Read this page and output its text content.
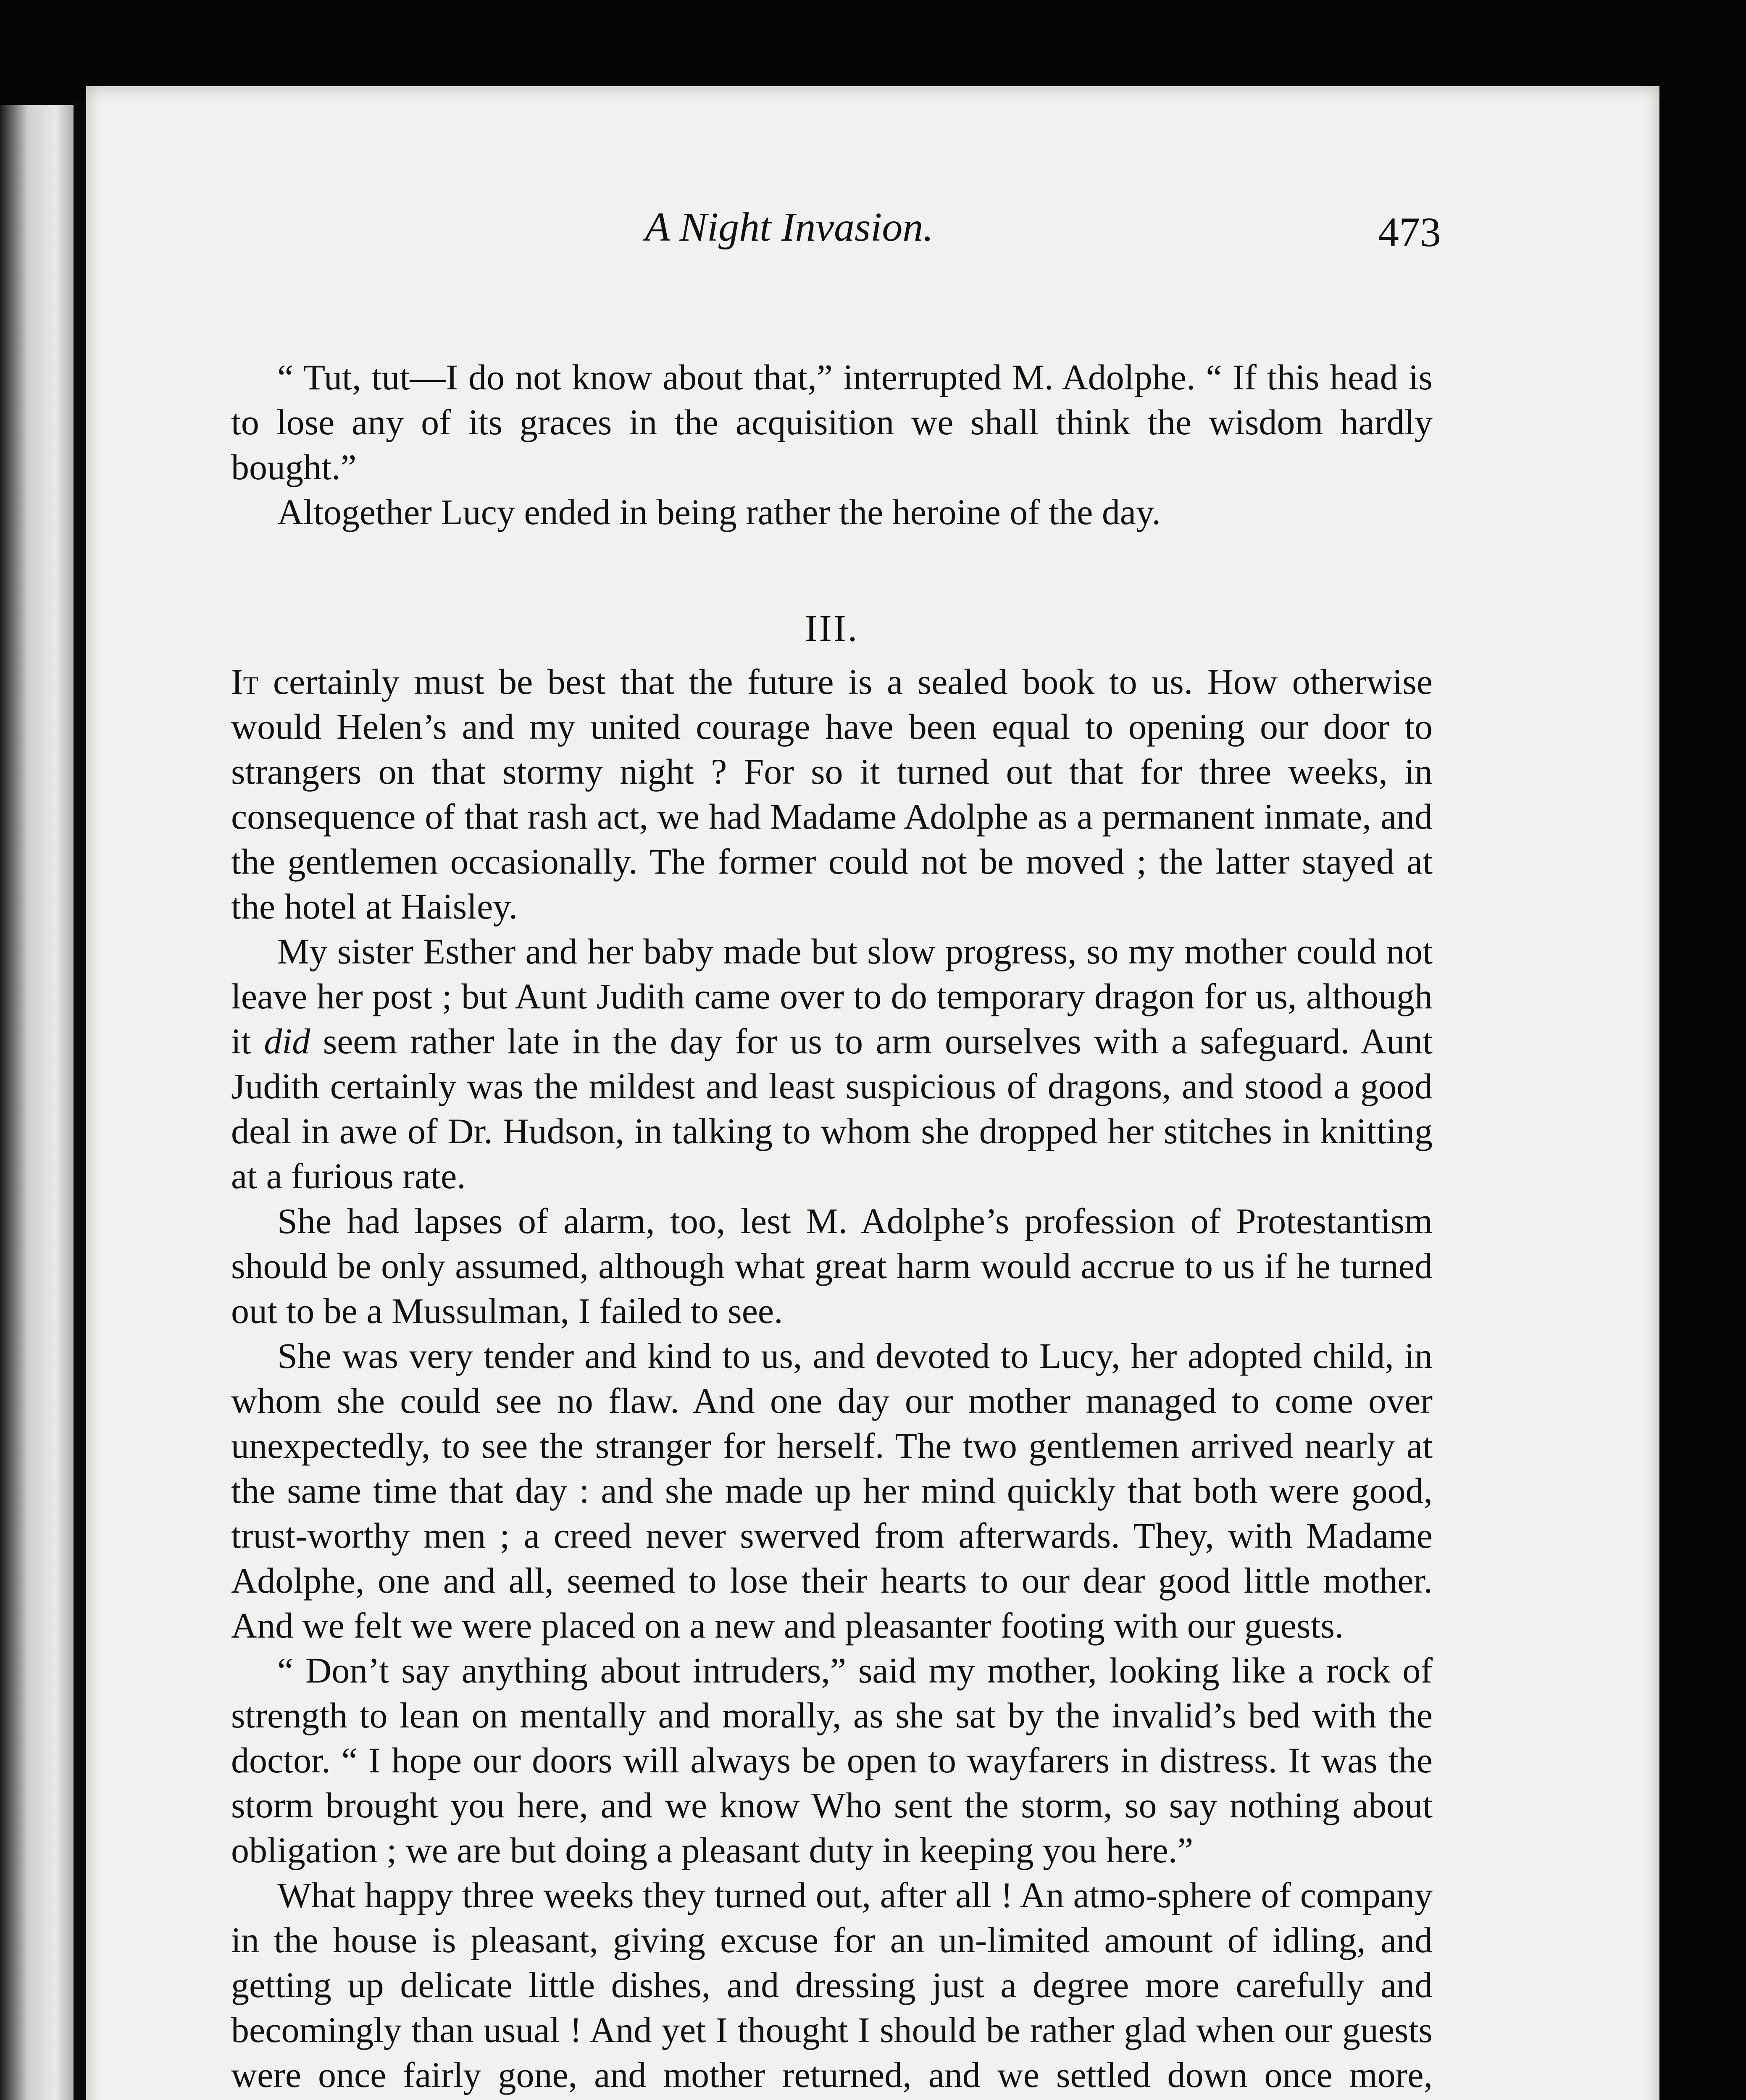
A Night Invasion.	473

“ Tut, tut—I do not know about that,” interrupted M. Adolphe. “ If this head is to lose any of its graces in the acquisition we shall think the wisdom hardly bought.”

Altogether Lucy ended in being rather the heroine of the day.

III.

It certainly must be best that the future is a sealed book to us. How otherwise would Helen’s and my united courage have been equal to opening our door to strangers on that stormy night ? For so it turned out that for three weeks, in consequence of that rash act, we had Madame Adolphe as a permanent inmate, and the gentlemen occasionally. The former could not be moved ; the latter stayed at the hotel at Haisley.

My sister Esther and her baby made but slow progress, so my mother could not leave her post ; but Aunt Judith came over to do temporary dragon for us, although it did seem rather late in the day for us to arm ourselves with a safeguard. Aunt Judith certainly was the mildest and least suspicious of dragons, and stood a good deal in awe of Dr. Hudson, in talking to whom she dropped her stitches in knitting at a furious rate.

She had lapses of alarm, too, lest M. Adolphe’s profession of Protestantism should be only assumed, although what great harm would accrue to us if he turned out to be a Mussulman, I failed to see.

She was very tender and kind to us, and devoted to Lucy, her adopted child, in whom she could see no flaw. And one day our mother managed to come over unexpectedly, to see the stranger for herself. The two gentlemen arrived nearly at the same time that day : and she made up her mind quickly that both were good, trust-worthy men ; a creed never swerved from afterwards. They, with Madame Adolphe, one and all, seemed to lose their hearts to our dear good little mother. And we felt we were placed on a new and pleasanter footing with our guests.

“ Don’t say anything about intruders,” said my mother, looking like a rock of strength to lean on mentally and morally, as she sat by the invalid’s bed with the doctor. “ I hope our doors will always be open to wayfarers in distress. It was the storm brought you here, and we know Who sent the storm, so say nothing about obligation ; we are but doing a pleasant duty in keeping you here.”

What happy three weeks they turned out, after all ! An atmo-sphere of company in the house is pleasant, giving excuse for an un-limited amount of idling, and getting up delicate little dishes, and dressing just a degree more carefully and becomingly than usual ! And yet I thought I should be rather glad when our guests were once fairly gone, and mother returned, and we settled down once more,
